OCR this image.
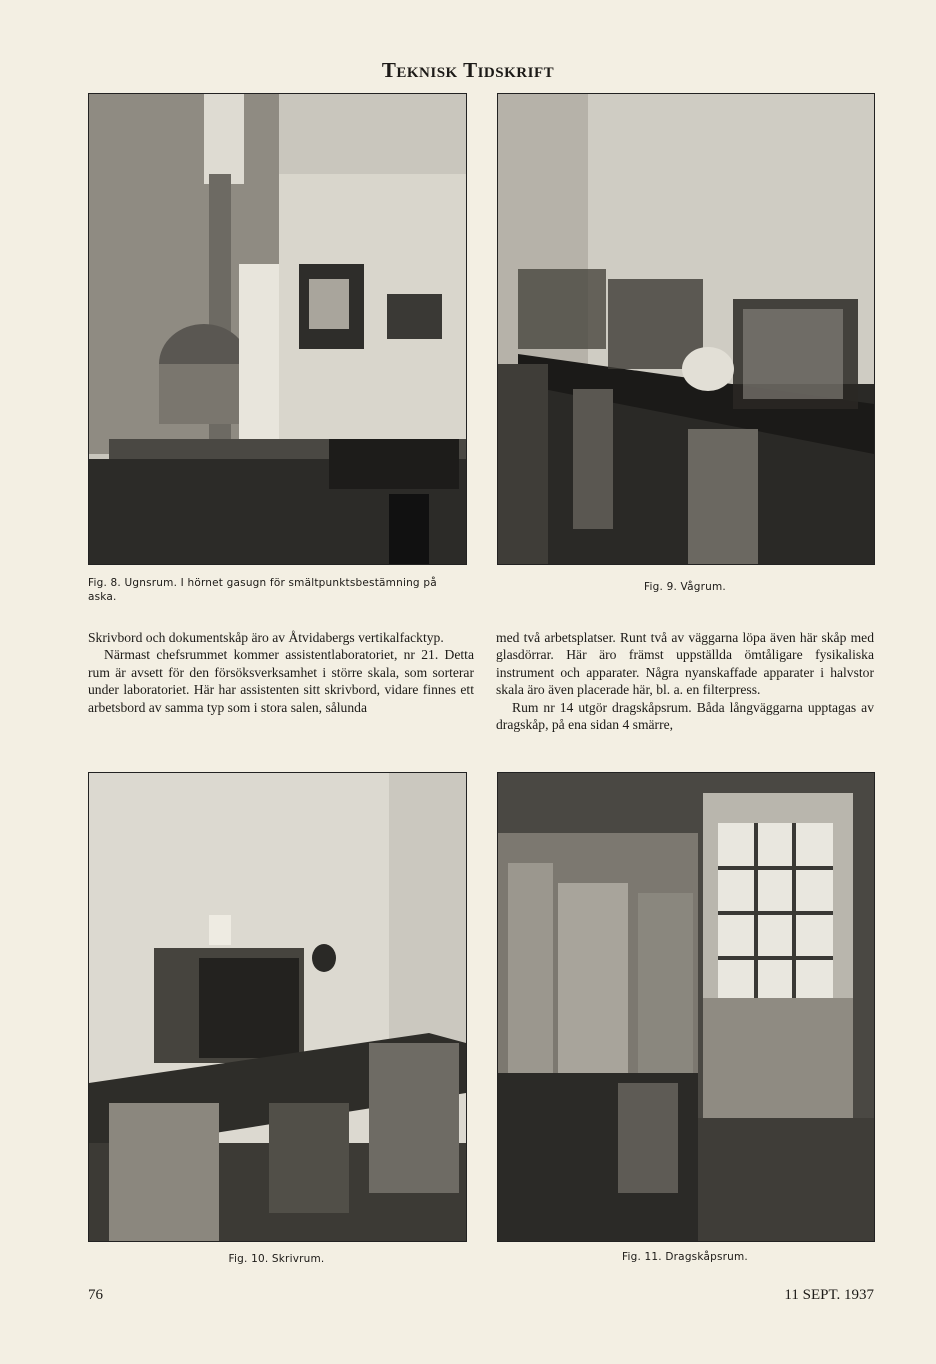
Teknisk Tidskrift
Fig. 8. Ugnsrum. I hörnet gasugn för smältpunktsbestämning på aska.
Fig. 9. Vågrum.

Skrivbord och dokumentskåp äro av Åtvidabergs vertikalfacktyp.

Närmast chefsrummet kommer assistentlaboratoriet, nr 21. Detta rum är avsett för den försöksverksamhet i större skala, som sorterar under laboratoriet. Här har assistenten sitt skrivbord, vidare finnes ett arbetsbord av samma typ som i stora salen, sålunda

med två arbetsplatser. Runt två av väggarna löpa även här skåp med glasdörrar. Här äro främst uppställda ömtåligare fysikaliska instrument och apparater. Några nyanskaffade apparater i halvstor skala äro även placerade här, bl. a. en filterpress.

Rum nr 14 utgör dragskåpsrum. Båda långväggarna upptagas av dragskåp, på ena sidan 4 smärre,

Fig. 10. Skrivrum.	Fig. 11. Dragskåpsrum.
76	11 SEPT. 1937
